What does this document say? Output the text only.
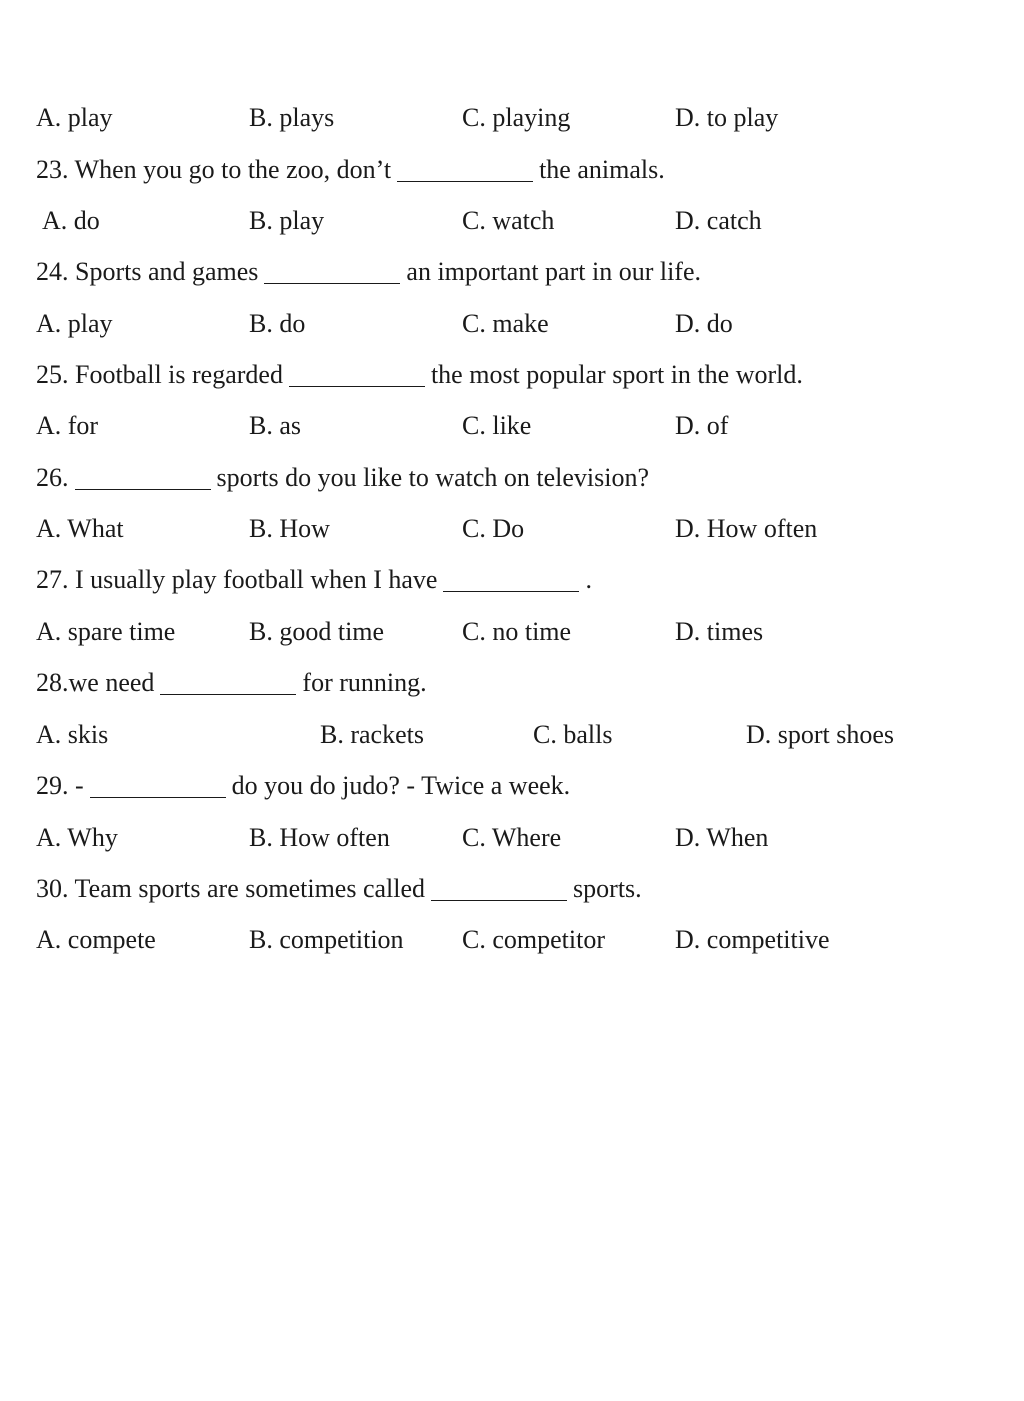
A. play	B. plays	C. playing	D. to play
23. When you go to the zoo, don’t	the animals.
A. do	B. play	C. watch	D. catch
24. Sports and games	an important part in our life.
A. play	B. do	C. make	D. do
25. Football is regarded	the most popular sport in the world.
A. for	B. as	C. like	D. of
26.	sports do you like to watch on television?
A. What	B. How	C. Do	D. How often
27. I usually play football when I have	.
A. spare time	B. good time	C. no time	D. times
28.we need	for running.
A. skis	B. rackets	C. balls	D. sport shoes
29. -	do you do judo? - Twice a week.
A. Why	B. How often	C. Where	D. When
30. Team sports are sometimes called	sports.
A. compete	B. competition C. competitor	D. competitive
